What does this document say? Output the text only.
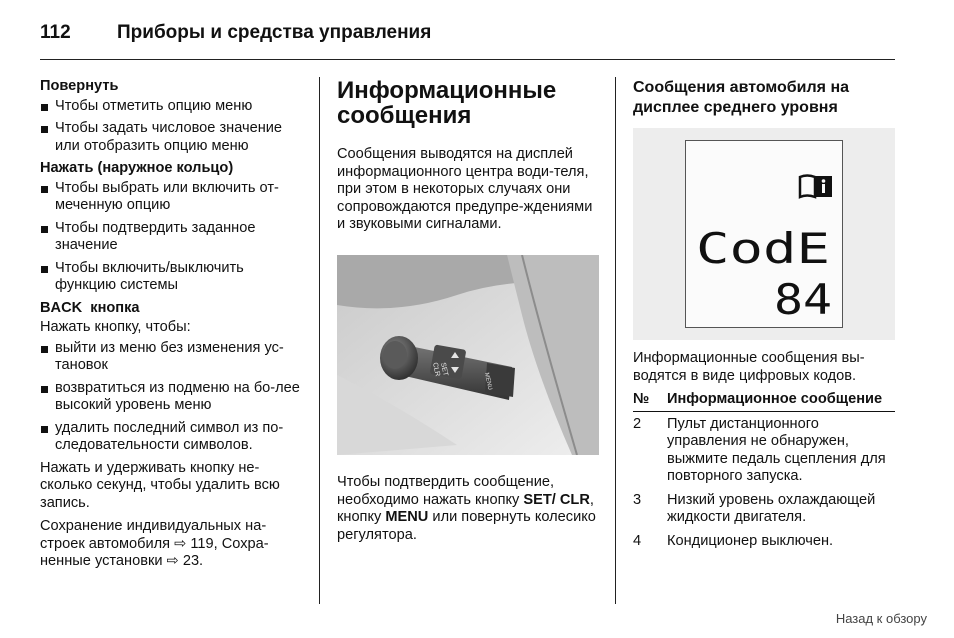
112 Приборы и средства управления
Повернуть
Чтобы отметить опцию меню
Чтобы задать числовое значение или отобразить опцию меню
Нажать (наружное кольцо)
Чтобы выбрать или включить от-меченную опцию
Чтобы подтвердить заданное значение
Чтобы включить/выключить функцию системы
BACK  кнопка
Нажать кнопку, чтобы:
выйти из меню без изменения ус-тановок
возвратиться из подменю на бо-лее высокий уровень меню
удалить последний символ из по-следовательности символов.
Нажать и удерживать кнопку не-сколько секунд, чтобы удалить всю запись.
Сохранение индивидуальных на-строек автомобиля ⇨ 119, Сохра-ненные установки ⇨ 23.
Информационные сообщения
Сообщения выводятся на дисплей информационного центра води-теля, при этом в некоторых случаях они сопровождаются предупре-ждениями и звуковыми сигналами.
SET
CLR
MENU
Чтобы подтвердить сообщение, необходимо нажать кнопку SET/ CLR, кнопку MENU или повернуть колесико регулятора.
Сообщения автомобиля на дисплее среднего уровня
CodE
84
Информационные сообщения вы-водятся в виде цифровых кодов.
№	Информационное сообщение
2	Пульт дистанционного управления не обнаружен, выжмите педаль сцепления для повторного запуска.
3	Низкий уровень охлаждающей жидкости двигателя.
4	Кондиционер выключен.
Назад к обзору
